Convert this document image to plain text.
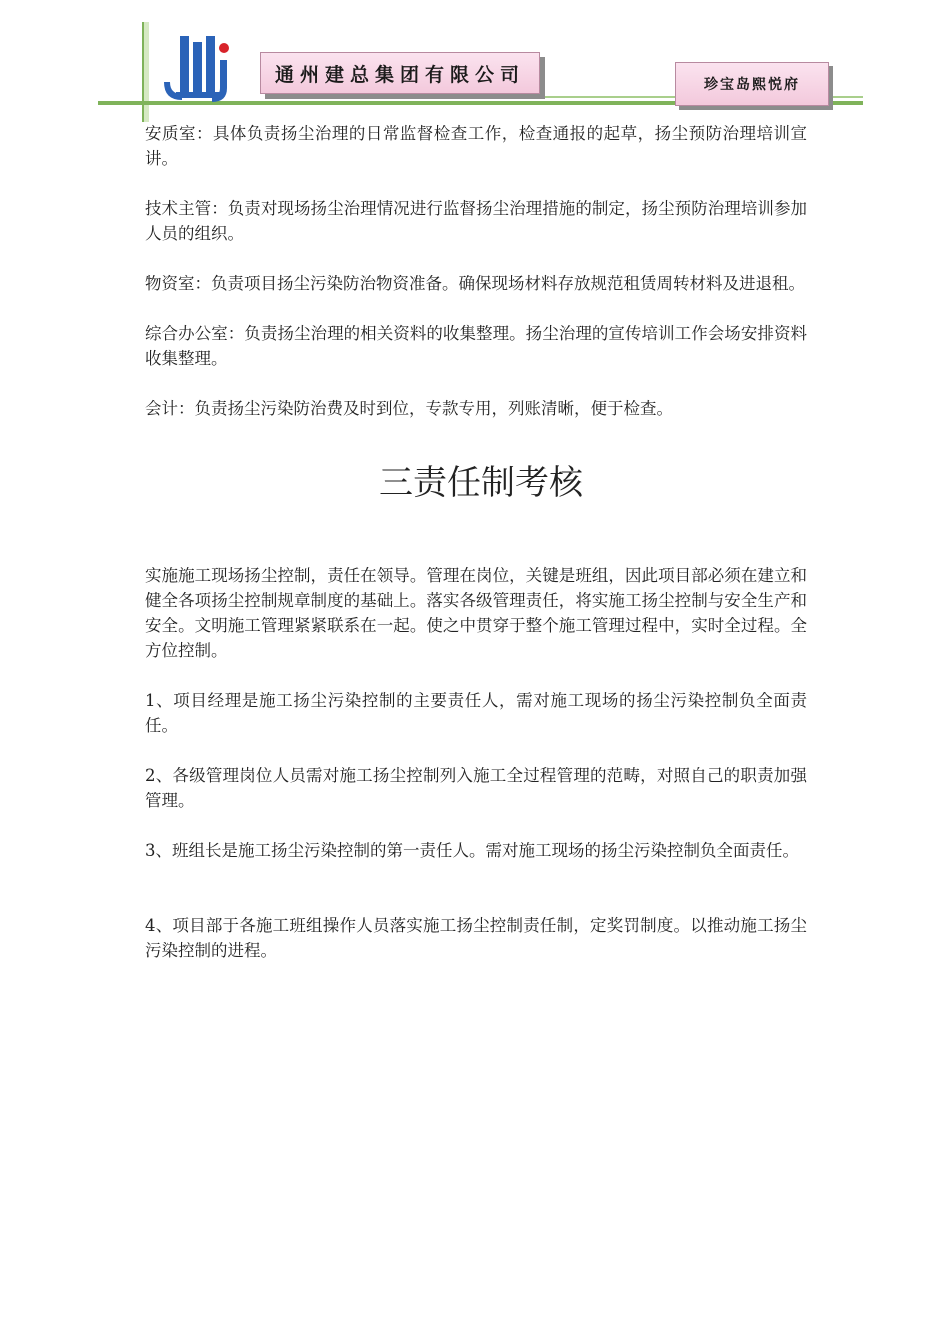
通州建总集团有限公司	珍宝岛熙悦府

安质室：具体负责扬尘治理的日常监督检查工作，检查通报的起草，扬尘预防治理培训宣讲。

技术主管：负责对现场扬尘治理情况进行监督扬尘治理措施的制定，扬尘预防治理培训参加人员的组织。

物资室：负责项目扬尘污染防治物资准备。确保现场材料存放规范租赁周转材料及进退租。

综合办公室：负责扬尘治理的相关资料的收集整理。扬尘治理的宣传培训工作会场安排资料收集整理。

会计：负责扬尘污染防治费及时到位，专款专用，列账清晰，便于检查。

三责任制考核

实施施工现场扬尘控制，责任在领导。管理在岗位，关键是班组，因此项目部必须在建立和健全各项扬尘控制规章制度的基础上。落实各级管理责任，将实施工扬尘控制与安全生产和安全。文明施工管理紧紧联系在一起。使之中贯穿于整个施工管理过程中，实时全过程。全方位控制。

1、项目经理是施工扬尘污染控制的主要责任人，需对施工现场的扬尘污染控制负全面责任。

2、各级管理岗位人员需对施工扬尘控制列入施工全过程管理的范畴，对照自己的职责加强管理。

3、班组长是施工扬尘污染控制的第一责任人。需对施工现场的扬尘污染控制负全面责任。

4、项目部于各施工班组操作人员落实施工扬尘控制责任制，定奖罚制度。以推动施工扬尘污染控制的进程。
